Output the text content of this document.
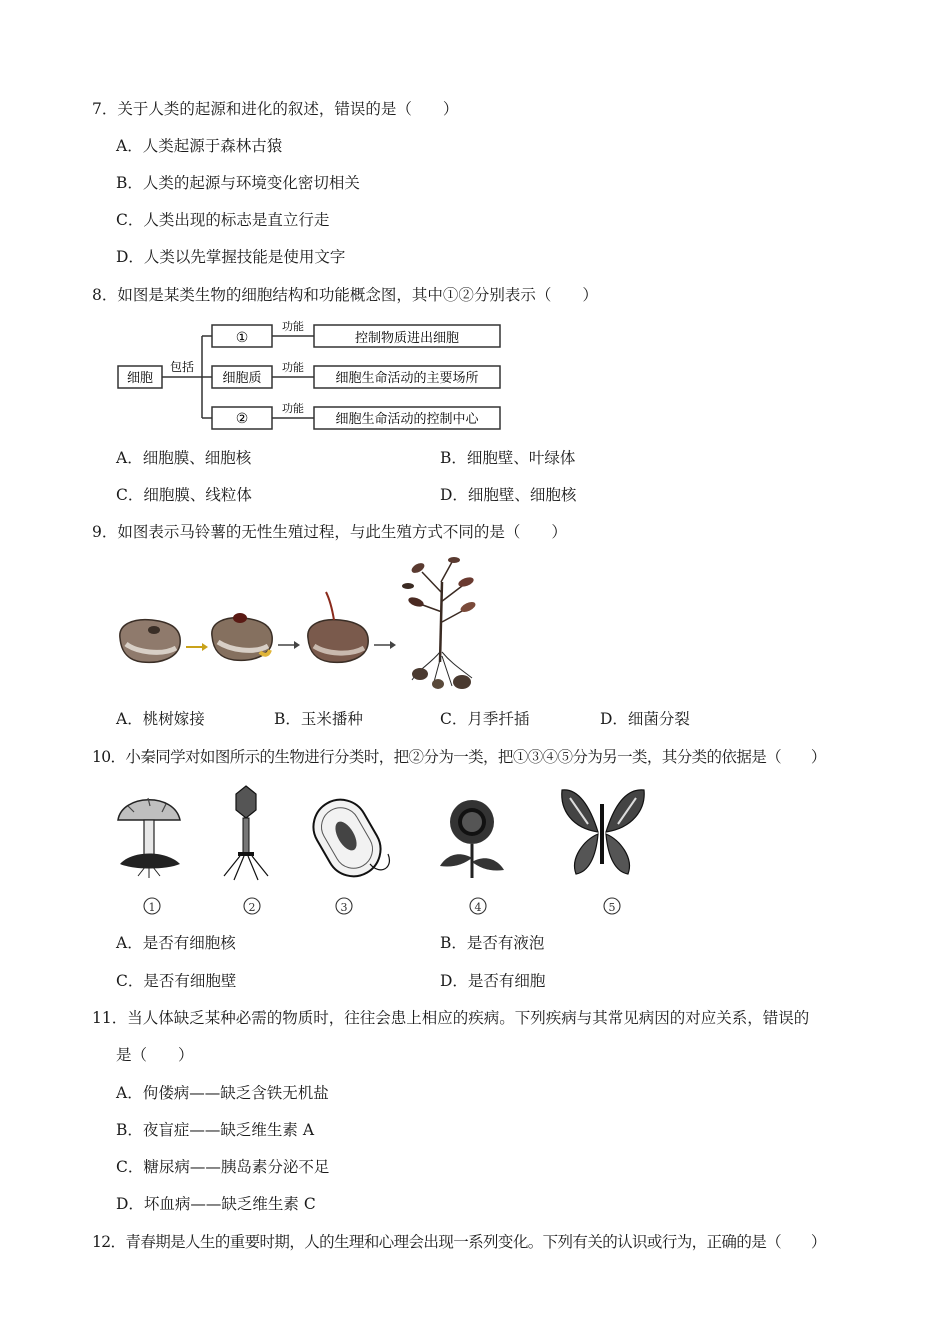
7．关于人类的起源和进化的叙述，错误的是（　　）
A．人类起源于森林古猿
B．人类的起源与环境变化密切相关
C．人类出现的标志是直立行走
D．人类以先掌握技能是使用文字
8．如图是某类生物的细胞结构和功能概念图，其中①②分别表示（　　）
细胞
包括
①
细胞质
②
功能
功能
功能
控制物质进出细胞
细胞生命活动的主要场所
细胞生命活动的控制中心
A．细胞膜、细胞核	B．细胞壁、叶绿体
C．细胞膜、线粒体	D．细胞壁、细胞核
9．如图表示马铃薯的无性生殖过程，与此生殖方式不同的是（　　）
A．桃树嫁接	B．玉米播种	C．月季扦插	D．细菌分裂
10．小秦同学对如图所示的生物进行分类时，把②分为一类，把①③④⑤分为另一类，其分类的依据是（　　）
1	2	3	4	5
A．是否有细胞核	B．是否有液泡
C．是否有细胞壁	D．是否有细胞
11．当人体缺乏某种必需的物质时，往往会患上相应的疾病。下列疾病与其常见病因的对应关系，错误的
是（　　）
A．佝偻病——缺乏含铁无机盐
B．夜盲症——缺乏维生素 A
C．糖尿病——胰岛素分泌不足
D．坏血病——缺乏维生素 C
12．青春期是人生的重要时期，人的生理和心理会出现一系列变化。下列有关的认识或行为，正确的是（　　）
